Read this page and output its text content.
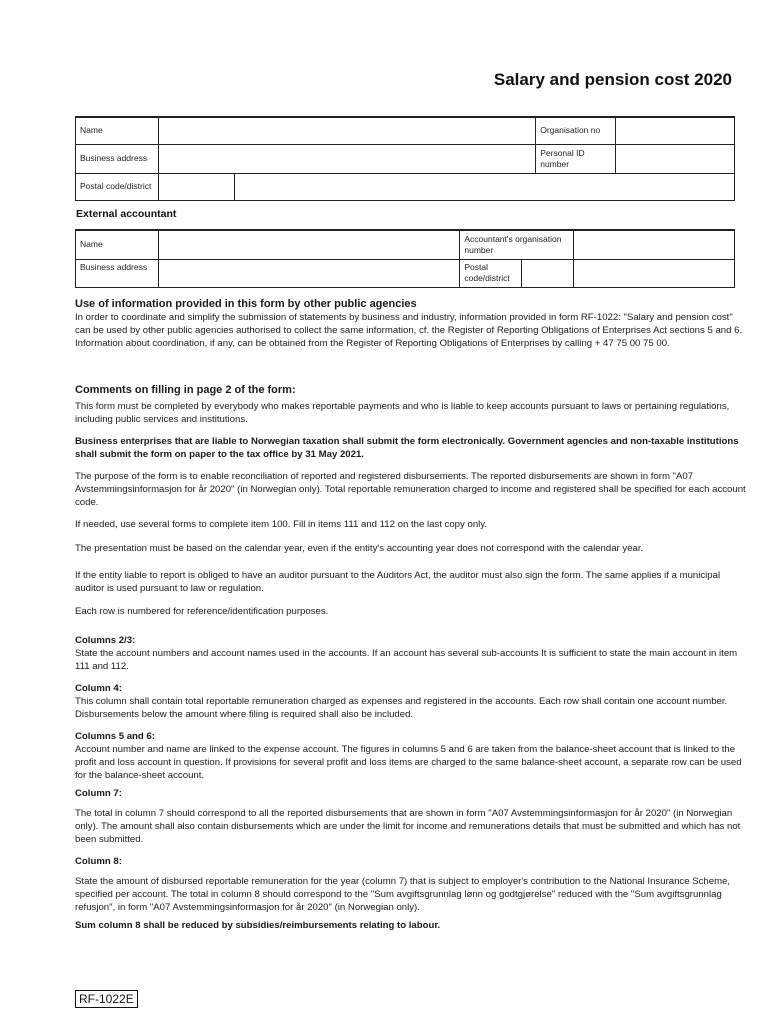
Salary and pension cost 2020
Name			Organisation no	
Business address			Personal ID number	
Postal code/district				
External accountant
Name		Accountant's organisation number		
Business address		Postal code/district		

Use of information provided in this form by other public agencies

In order to coordinate and simplify the submission of statements by business and industry, information provided in form RF-1022: "Salary and pension cost" can be used by other public agencies authorised to collect the same information, cf. the Register of Reporting Obligations of Enterprises Act sections 5 and 6. Information about coordination, if any, can be obtained from the Register of Reporting Obligations of Enterprises by calling + 47 75 00 75 00.

Comments on filling in page 2 of the form:

This form must be completed by everybody who makes reportable payments and who is liable to keep accounts pursuant to laws or pertaining regulations, including public services and institutions.

Business enterprises that are liable to Norwegian taxation shall submit the form electronically. Government agencies and non-taxable institutions shall submit the form on paper to the tax office by 31 May 2021.

The purpose of the form is to enable reconciliation of reported and registered disbursements. The reported disbursements are shown in form "A07 Avstemmingsinformasjon for år 2020" (in Norwegian only). Total reportable remuneration charged to income and registered shall be specified for each account code.

If needed, use several forms to complete item 100. Fill in items 111 and 112 on the last copy only.

The presentation must be based on the calendar year, even if the entity's accounting year does not correspond with the calendar year.

If the entity liable to report is obliged to have an auditor pursuant to the Auditors Act, the auditor must also sign the form. The same applies if a municipal auditor is used pursuant to law or regulation.

Each row is numbered for reference/identification purposes.

Columns 2/3:

State the account numbers and account names used in the accounts. If an account has several sub-accounts It is sufficient to state the main account in item 111 and 112.

Column 4:

This column shall contain total reportable remuneration charged as expenses and registered in the accounts. Each row shall contain one account number. Disbursements below the amount where filing is required shall also be included.

Columns 5 and 6:

Account number and name are linked to the expense account. The figures in columns 5 and 6 are taken from the balance-sheet account that is linked to the profit and loss account in question. If provisions for several profit and loss items are charged to the same balance-sheet account, a separate row can be used for the balance-sheet account.

Column 7:

The total in column 7 should correspond to all the reported disbursements that are shown in form "A07 Avstemmingsinformasjon for år 2020" (in Norwegian only). The amount shall also contain disbursements which are under the limit for income and remunerations details that must be submitted and which has not been submitted.

Column 8:

State the amount of disbursed reportable remuneration for the year (column 7) that is subject to employer's contribution to the National Insurance Scheme, specified per account. The total in column 8 should correspond to the "Sum avgiftsgrunnlag lønn og godtgjørelse" reduced with the "Sum avgiftsgrunnlag refusjon", in form "A07 Avstemmingsinformasjon for år 2020" (in Norwegian only).

Sum column 8 shall be reduced by subsidies/reimbursements relating to labour.

RF-1022E
